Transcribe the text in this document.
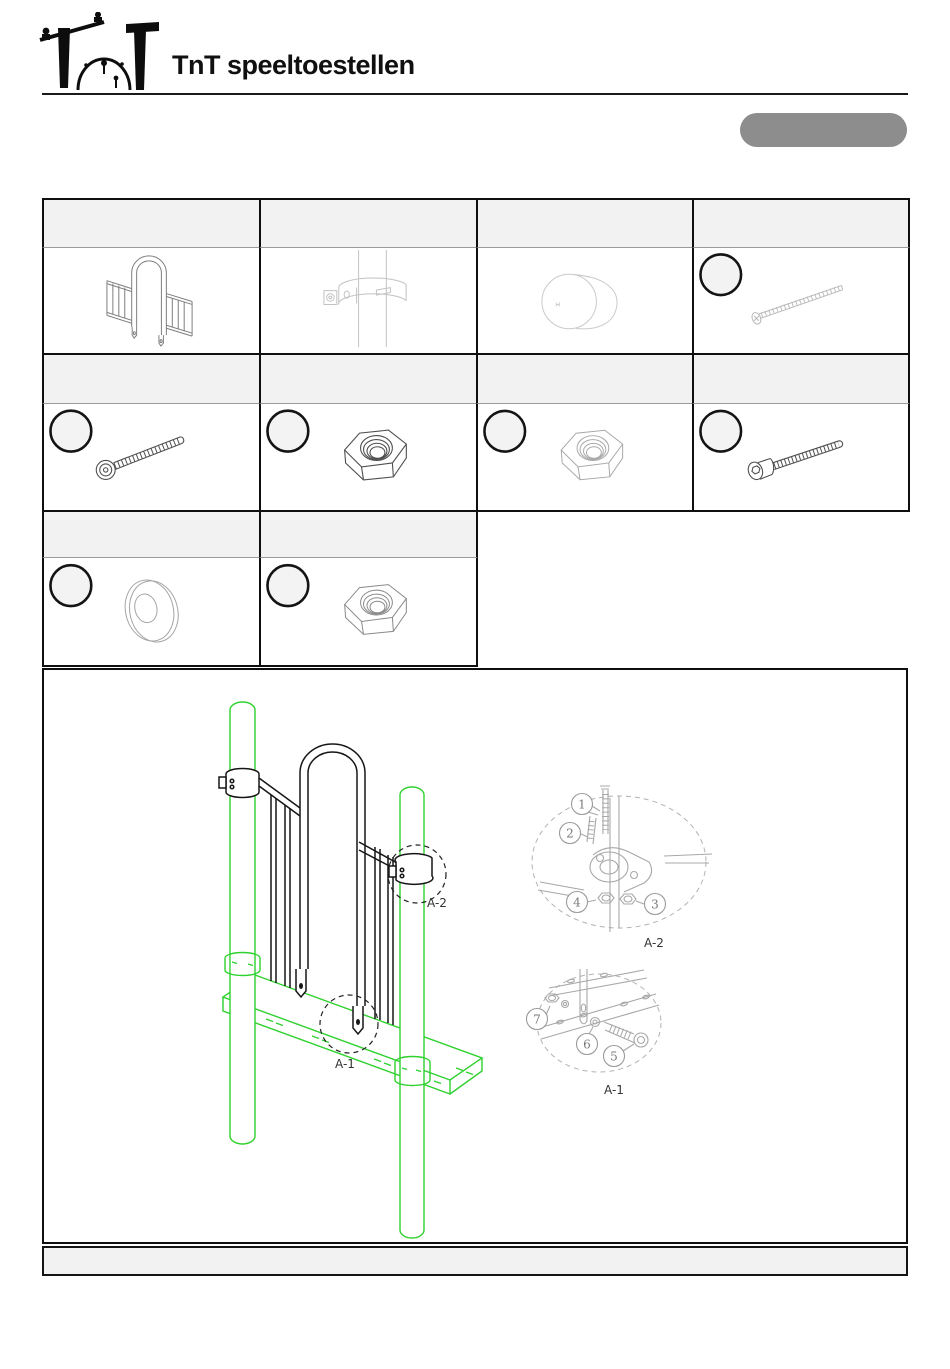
TnT speeltoestellen
A-2
A-1
1
2
3
4
A-2
7
6
5
A-1
